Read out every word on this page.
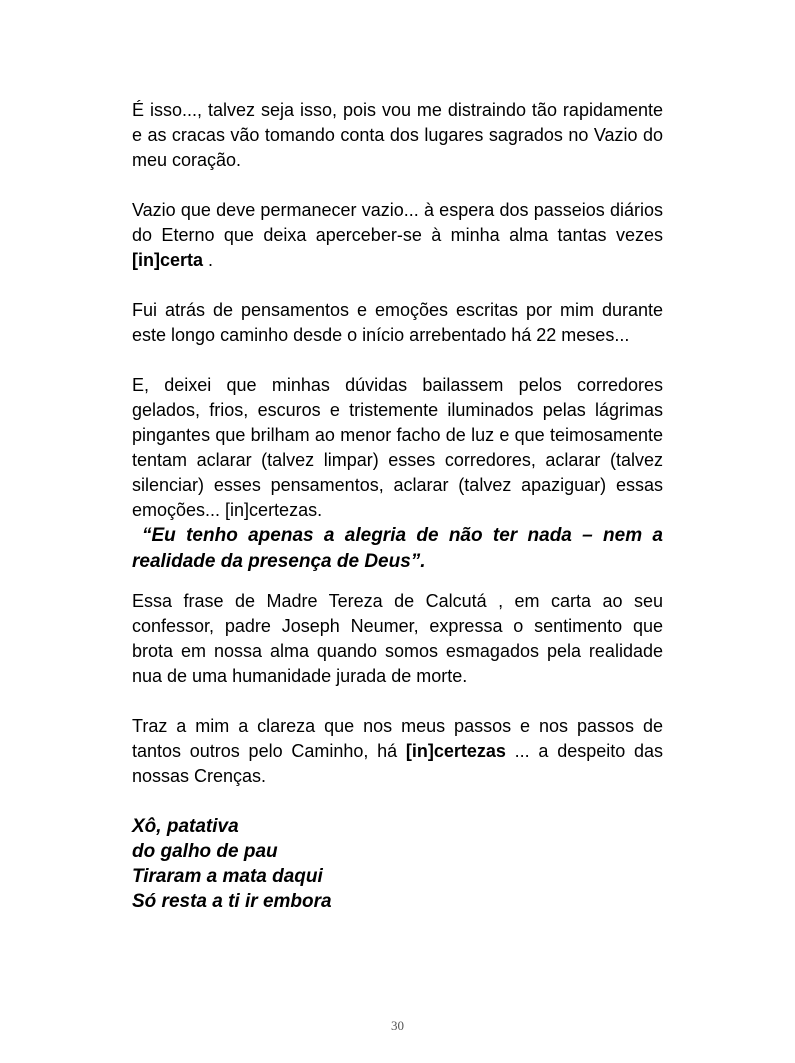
É isso..., talvez seja isso, pois vou me distraindo tão rapidamente e as cracas vão tomando conta dos lugares sagrados no Vazio do meu coração.

Vazio que deve permanecer vazio... à espera dos passeios diários do Eterno que deixa aperceber-se à minha alma tantas vezes [in]certa .

Fui atrás de pensamentos e emoções escritas por mim durante este longo caminho desde o início arrebentado há 22 meses...

E, deixei que minhas dúvidas bailassem pelos corredores gelados, frios, escuros e tristemente iluminados pelas lágrimas pingantes que brilham ao menor facho de luz e que teimosamente tentam aclarar (talvez limpar) esses corredores, aclarar (talvez silenciar) esses pensamentos, aclarar (talvez apaziguar) essas emoções... [in]certezas.

“Eu tenho apenas a alegria de não ter nada – nem a realidade da presença de Deus”.

Essa frase de Madre Tereza de Calcutá , em carta ao seu confessor, padre Joseph Neumer, expressa o sentimento que brota em nossa alma quando somos esmagados pela realidade nua de uma humanidade jurada de morte.

Traz a mim a clareza que nos meus passos e nos passos de tantos outros pelo Caminho, há [in]certezas ... a despeito das nossas Crenças.

Xô, patativa

do galho de pau

Tiraram a mata daqui

Só resta a ti ir embora

30
